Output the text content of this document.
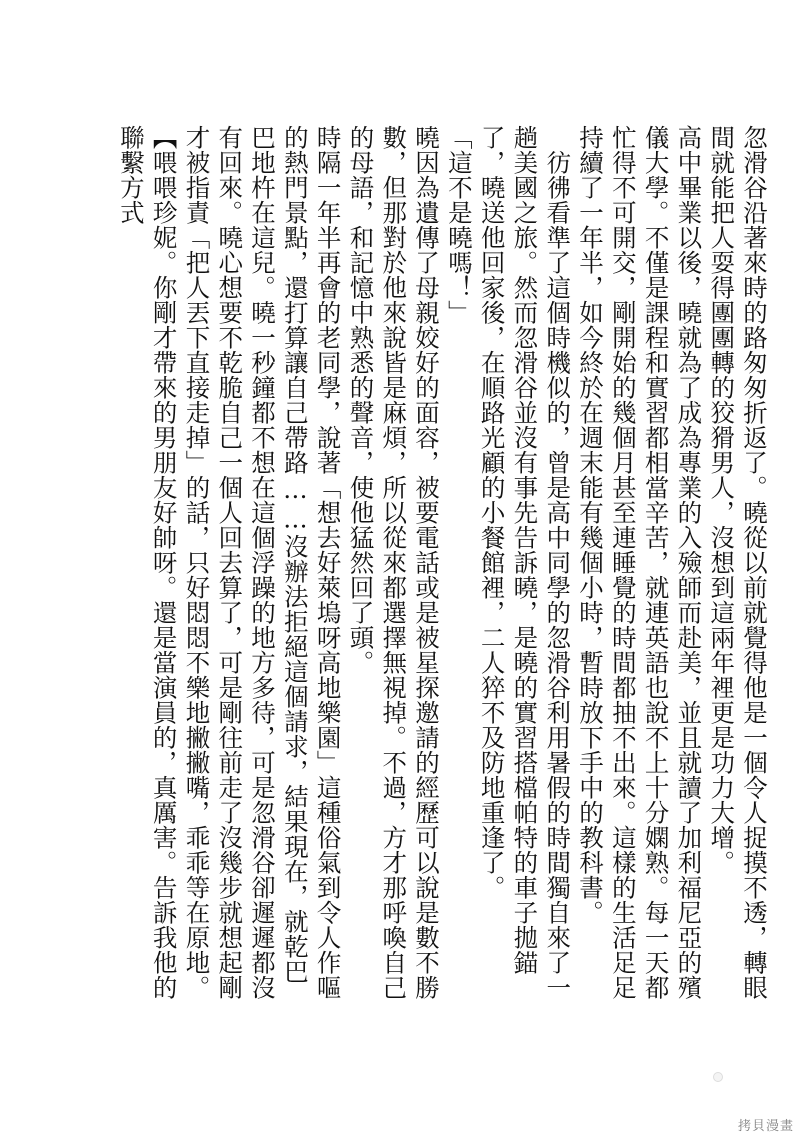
忽滑谷沿著來時的路匆匆折返了。曉從以前就覺得他是一個令人捉摸不透，轉眼間就能把人耍得團團轉的狡猾男人，沒想到這兩年裡更是功力大增。

高中畢業以後，曉就為了成為專業的入殮師而赴美，並且就讀了加利福尼亞的殯儀大學。不僅是課程和實習都相當辛苦，就連英語也說不上十分嫻熟。每一天都忙得不可開交，剛開始的幾個月甚至連睡覺的時間都抽不出來。這樣的生活足足持續了一年半，如今終於在週末能有幾個小時，暫時放下手中的教科書。

彷彿看準了這個時機似的，曾是高中同學的忽滑谷利用暑假的時間獨自來了一趟美國之旅。然而忽滑谷並沒有事先告訴曉，是曉的實習搭檔帕特的車子拋錨了，曉送他回家後，在順路光顧的小餐館裡，二人猝不及防地重逢了。

「這不是曉嗎！」

曉因為遺傳了母親姣好的面容，被要電話或是被星探邀請的經歷可以說是數不勝數，但那對於他來說皆是麻煩，所以從來都選擇無視掉。不過，方才那呼喚自己的母語，和記憶中熟悉的聲音，使他猛然回了頭。

時隔一年半再會的老同學，說著「想去好萊塢呀高地樂園」這種俗氣到令人作嘔的熱門景點，還打算讓自己帶路……沒辦法拒絕這個請求，結果現在，就乾巴巴地杵在這兒。曉一秒鐘都不想在這個浮躁的地方多待，可是忽滑谷卻遲遲都沒有回來。曉心想要不乾脆自己一個人回去算了，可是剛往前走了沒幾步就想起剛才被指責「把人丟下直接走掉」的話，只好悶悶不樂地撇撇嘴，乖乖等在原地。

【喂喂珍妮。你剛才帶來的男朋友好帥呀。還是當演員的，真厲害。告訴我他的聯繫方式

拷貝漫畫
